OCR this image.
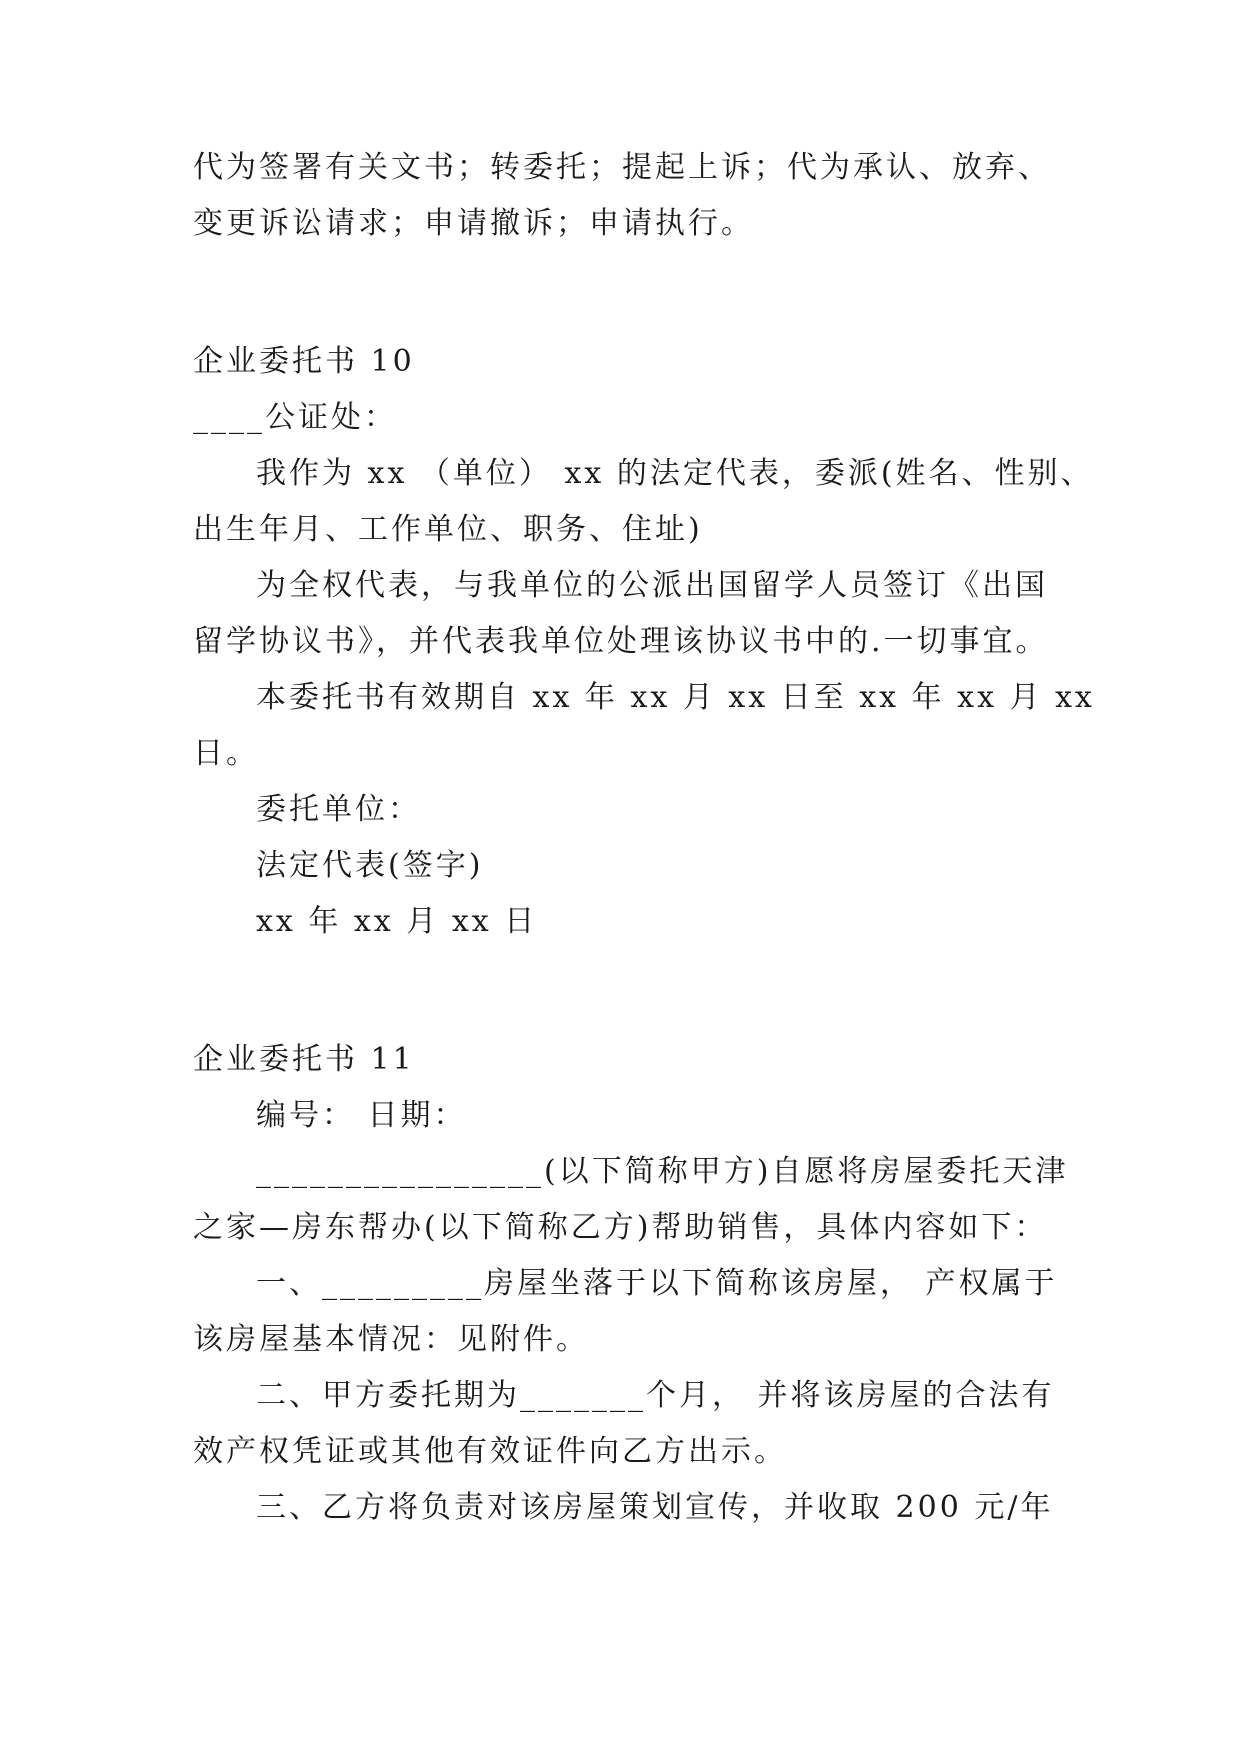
代为签署有关文书；转委托；提起上诉；代为承认、放弃、
变更诉讼请求；申请撤诉；申请执行。
企业委托书 10
____公证处：
我作为 xx （单位） xx 的法定代表，委派(姓名、性别、
出生年月、工作单位、职务、住址)
为全权代表，与我单位的公派出国留学人员签订《出国
留学协议书》，并代表我单位处理该协议书中的.一切事宜。
本委托书有效期自 xx 年 xx 月 xx 日至 xx 年 xx 月 xx
日。
委托单位：
法定代表(签字)
xx 年 xx 月 xx 日
企业委托书 11
编号： 日期：
________________(以下简称甲方)自愿将房屋委托天津
之家—房东帮办(以下简称乙方)帮助销售，具体内容如下：
一、_________房屋坐落于以下简称该房屋， 产权属于
该房屋基本情况：见附件。
二、甲方委托期为_______个月， 并将该房屋的合法有
效产权凭证或其他有效证件向乙方出示。
三、乙方将负责对该房屋策划宣传，并收取 200 元/年
